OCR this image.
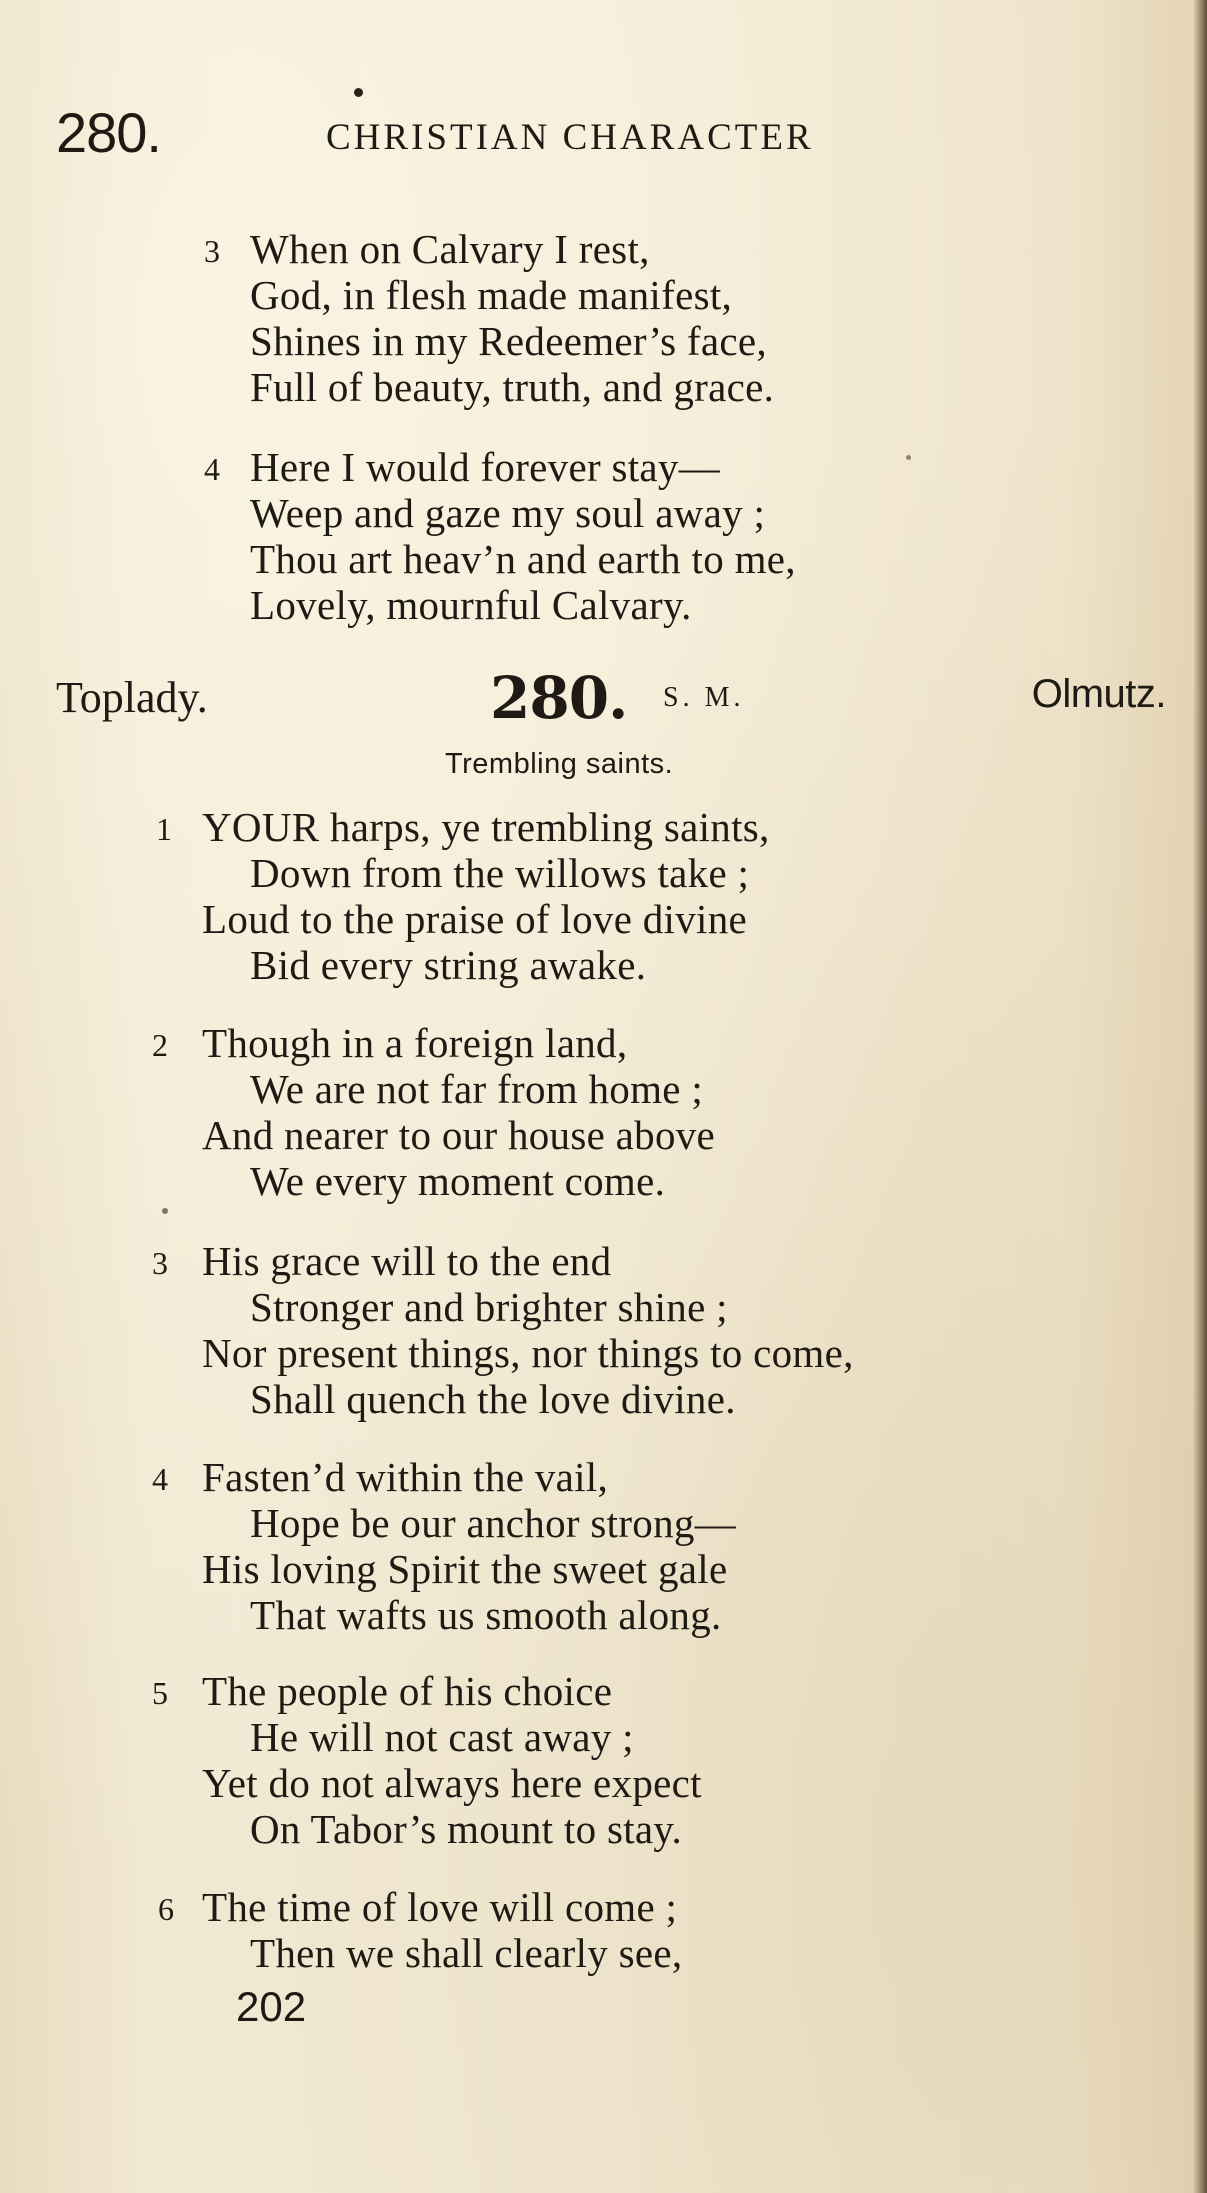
280.	CHRISTIAN CHARACTER
3 When on Calvary I rest,
God, in flesh made manifest,
Shines in my Redeemer’s face,
Full of beauty, truth, and grace.
4 Here I would forever stay—
Weep and gaze my soul away ;
Thou art heav’n and earth to me,
Lovely, mournful Calvary.
Toplady.	280. S. M.	Olmutz.
Trembling saints.
1 YOUR harps, ye trembling saints,
Down from the willows take ;
Loud to the praise of love divine
Bid every string awake.
2 Though in a foreign land,
We are not far from home ;
And nearer to our house above
We every moment come.
3 His grace will to the end
Stronger and brighter shine ;
Nor present things, nor things to come,
Shall quench the love divine.
4 Fasten’d within the vail,
Hope be our anchor strong—
His loving Spirit the sweet gale
That wafts us smooth along.
5 The people of his choice
He will not cast away ;
Yet do not always here expect
On Tabor’s mount to stay.
6 The time of love will come ;
Then we shall clearly see,
202
